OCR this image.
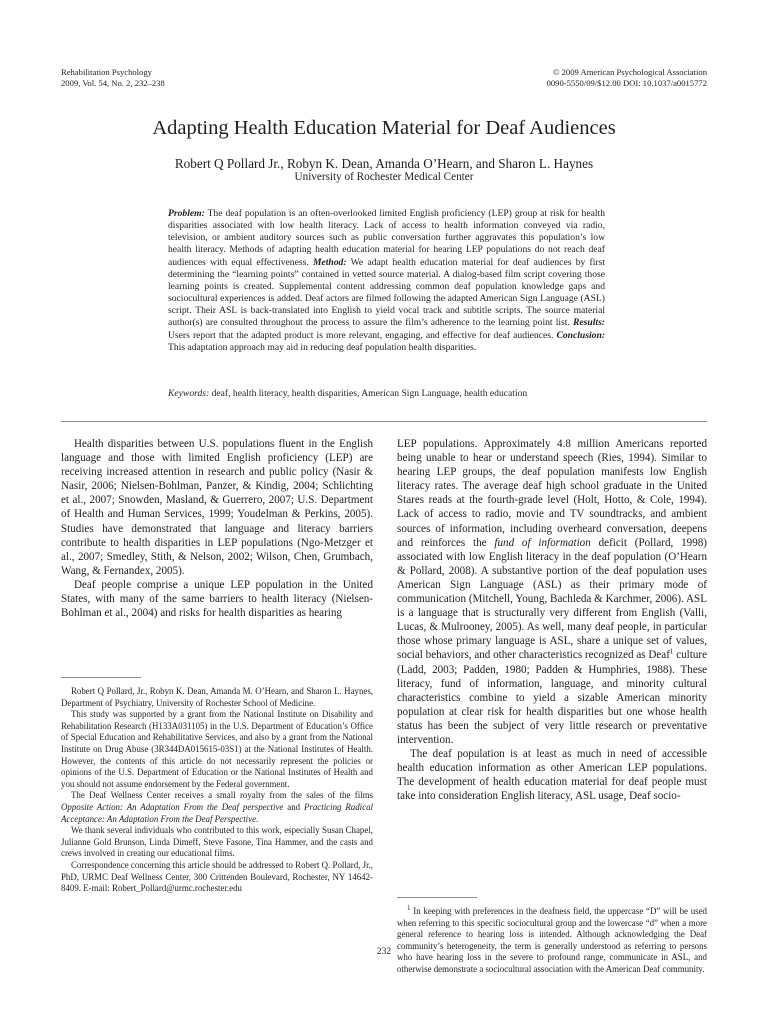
Rehabilitation Psychology
2009, Vol. 54, No. 2, 232–238
© 2009 American Psychological Association
0090-5550/09/$12.00 DOI: 10.1037/a0015772
Adapting Health Education Material for Deaf Audiences
Robert Q Pollard Jr., Robyn K. Dean, Amanda O’Hearn, and Sharon L. Haynes
University of Rochester Medical Center
Problem: The deaf population is an often-overlooked limited English proficiency (LEP) group at risk for health disparities associated with low health literacy. Lack of access to health information conveyed via radio, television, or ambient auditory sources such as public conversation further aggravates this population’s low health literacy. Methods of adapting health education material for hearing LEP populations do not reach deaf audiences with equal effectiveness. Method: We adapt health education material for deaf audiences by first determining the “learning points” contained in vetted source material. A dialog-based film script covering those learning points is created. Supplemental content addressing common deaf population knowledge gaps and sociocultural experiences is added. Deaf actors are filmed following the adapted American Sign Language (ASL) script. Their ASL is back-translated into English to yield vocal track and subtitle scripts. The source material author(s) are consulted throughout the process to assure the film’s adherence to the learning point list. Results: Users report that the adapted product is more relevant, engaging, and effective for deaf audiences. Conclusion: This adaptation approach may aid in reducing deaf population health disparities.
Keywords: deaf, health literacy, health disparities, American Sign Language, health education

Health disparities between U.S. populations fluent in the English language and those with limited English proficiency (LEP) are receiving increased attention in research and public policy (Nasir & Nasir, 2006; Nielsen-Bohlman, Panzer, & Kindig, 2004; Schlichting et al., 2007; Snowden, Masland, & Guerrero, 2007; U.S. Department of Health and Human Services, 1999; Youdelman & Perkins, 2005). Studies have demonstrated that language and literacy barriers contribute to health disparities in LEP populations (Ngo-Metzger et al., 2007; Smedley, Stith, & Nelson, 2002; Wilson, Chen, Grumbach, Wang, & Fernandex, 2005).

Deaf people comprise a unique LEP population in the United States, with many of the same barriers to health literacy (Nielsen-Bohlman et al., 2004) and risks for health disparities as hearing

Robert Q Pollard, Jr., Robyn K. Dean, Amanda M. O’Hearn, and Sharon L. Haynes, Department of Psychiatry, University of Rochester School of Medicine.

This study was supported by a grant from the National Institute on Disability and Rehabilitation Research (H133A031105) in the U.S. Department of Education’s Office of Special Education and Rehabilitative Services, and also by a grant from the National Institute on Drug Abuse (3R344DA015615-03S1) at the National Institutes of Health. However, the contents of this article do not necessarily represent the policies or opinions of the U.S. Department of Education or the National Institutes of Health and you should not assume endorsement by the Federal government.

The Deaf Wellness Center receives a small royalty from the sales of the films Opposite Action: An Adaptation From the Deaf perspective and Practicing Radical Acceptance: An Adaptation From the Deaf Perspective.

We thank several individuals who contributed to this work, especially Susan Chapel, Julianne Gold Brunson, Linda Dimeff, Steve Fasone, Tina Hammer, and the casts and crews involved in creating our educational films.

Correspondence concerning this article should be addressed to Robert Q. Pollard, Jr., PhD, URMC Deaf Wellness Center, 300 Crittenden Boulevard, Rochester, NY 14642-8409. E-mail: Robert_Pollard@urmc.rochester.edu

LEP populations. Approximately 4.8 million Americans reported being unable to hear or understand speech (Ries, 1994). Similar to hearing LEP groups, the deaf population manifests low English literacy rates. The average deaf high school graduate in the United Stares reads at the fourth-grade level (Holt, Hotto, & Cole, 1994). Lack of access to radio, movie and TV soundtracks, and ambient sources of information, including overheard conversation, deepens and reinforces the fund of information deficit (Pollard, 1998) associated with low English literacy in the deaf population (O’Hearn & Pollard, 2008). A substantive portion of the deaf population uses American Sign Language (ASL) as their primary mode of communication (Mitchell, Young, Bachleda & Karchmer, 2006). ASL is a language that is structurally very different from English (Valli, Lucas, & Mulrooney, 2005). As well, many deaf people, in particular those whose primary language is ASL, share a unique set of values, social behaviors, and other characteristics recognized as Deaf$^1$ culture (Ladd, 2003; Padden, 1980; Padden & Humphries, 1988). These literacy, fund of information, language, and minority cultural characteristics combine to yield a sizable American minority population at clear risk for health disparities but one whose health status has been the subject of very little research or preventative intervention.

The deaf population is at least as much in need of accessible health education information as other American LEP populations. The development of health education material for deaf people must take into consideration English literacy, ASL usage, Deaf socio-

$^1$ In keeping with preferences in the deafness field, the uppercase “D” will be used when referring to this specific sociocultural group and the lowercase “d” when a more general reference to hearing loss is intended. Although acknowledging the Deaf community’s heterogeneity, the term is generally understood as referring to persons who have hearing loss in the severe to profound range, communicate in ASL, and otherwise demonstrate a sociocultural association with the American Deaf community.

232
